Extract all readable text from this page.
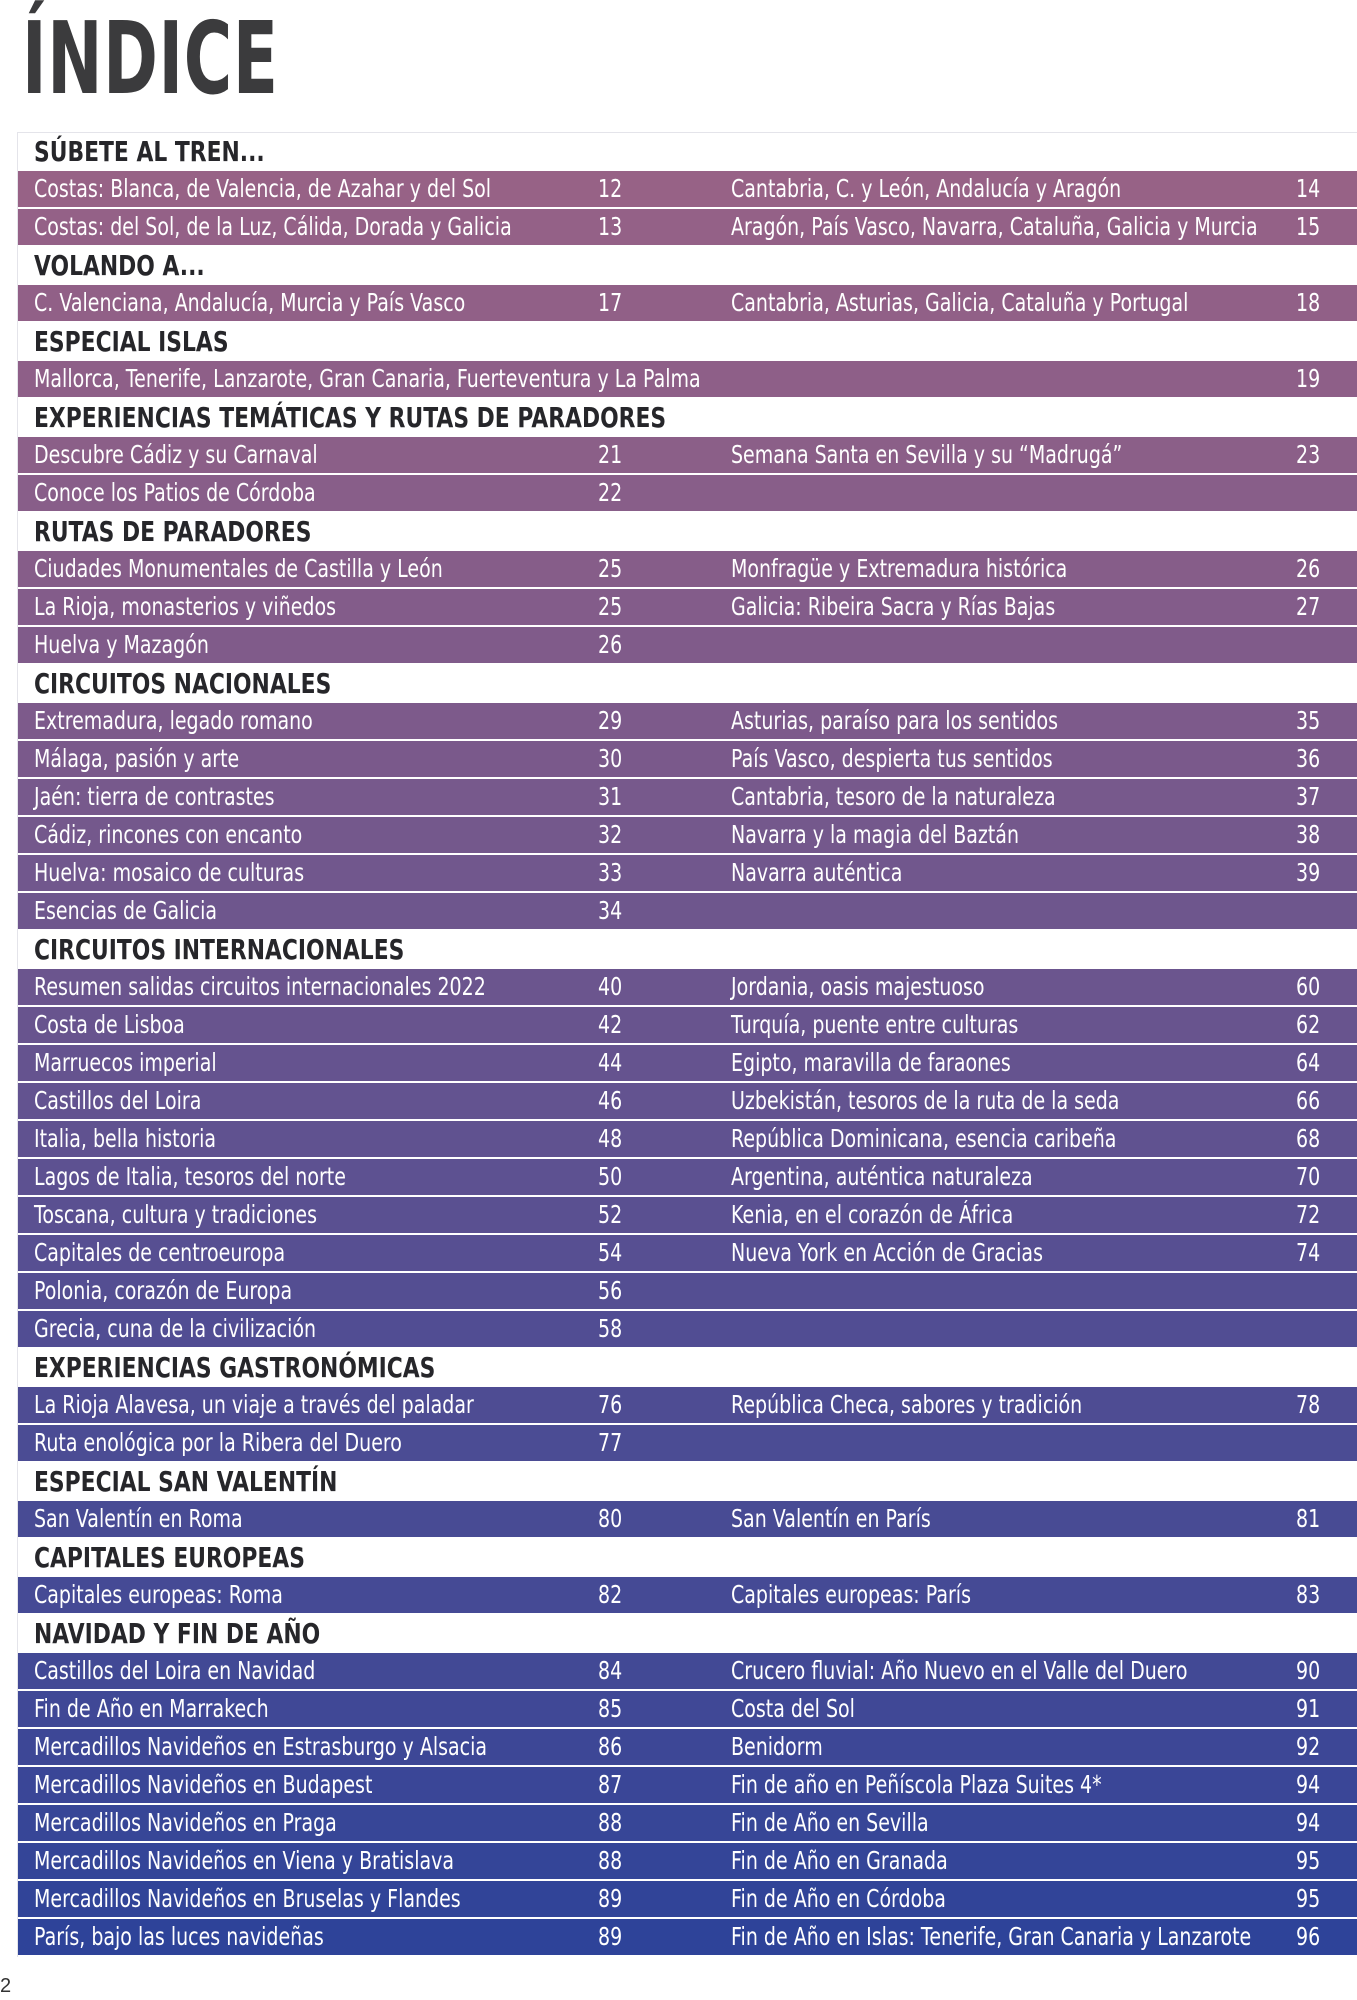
ÍNDICE
SÚBETE AL TREN...
Costas: Blanca, de Valencia, de Azahar y del Sol	12	Cantabria, C. y León, Andalucía y Aragón	14
Costas: del Sol, de la Luz, Cálida, Dorada y Galicia	13	Aragón, País Vasco, Navarra, Cataluña, Galicia y Murcia 15
VOLANDO A...
C. Valenciana, Andalucía, Murcia y País Vasco	17	Cantabria, Asturias, Galicia, Cataluña y Portugal	18
ESPECIAL ISLAS
Mallorca, Tenerife, Lanzarote, Gran Canaria, Fuerteventura y La Palma	19
EXPERIENCIAS TEMÁTICAS Y RUTAS DE PARADORES
Descubre Cádiz y su Carnaval	21	Semana Santa en Sevilla y su “Madrugá”	23
Conoce los Patios de Córdoba	22
RUTAS DE PARADORES
Ciudades Monumentales de Castilla y León	25	Monfragüe y Extremadura histórica	26
La Rioja, monasterios y viñedos	25	Galicia: Ribeira Sacra y Rías Bajas	27
Huelva y Mazagón	26
CIRCUITOS NACIONALES
Extremadura, legado romano	29	Asturias, paraíso para los sentidos	35
Málaga, pasión y arte	30	País Vasco, despierta tus sentidos	36
Jaén: tierra de contrastes	31	Cantabria, tesoro de la naturaleza	37
Cádiz, rincones con encanto	32	Navarra y la magia del Baztán	38
Huelva: mosaico de culturas	33	Navarra auténtica	39
Esencias de Galicia	34
CIRCUITOS INTERNACIONALES
Resumen salidas circuitos internacionales 2022	40	Jordania, oasis majestuoso	60
Costa de Lisboa	42	Turquía, puente entre culturas	62
Marruecos imperial	44	Egipto, maravilla de faraones	64
Castillos del Loira	46	Uzbekistán, tesoros de la ruta de la seda	66
Italia, bella historia	48	República Dominicana, esencia caribeña	68
Lagos de Italia, tesoros del norte	50	Argentina, auténtica naturaleza	70
Toscana, cultura y tradiciones	52	Kenia, en el corazón de África	72
Capitales de centroeuropa	54	Nueva York en Acción de Gracias	74
Polonia, corazón de Europa	56
Grecia, cuna de la civilización	58
EXPERIENCIAS GASTRONÓMICAS
La Rioja Alavesa, un viaje a través del paladar	76	República Checa, sabores y tradición	78
Ruta enológica por la Ribera del Duero	77
ESPECIAL SAN VALENTÍN
San Valentín en Roma	80	San Valentín en París	81
CAPITALES EUROPEAS
Capitales europeas: Roma	82	Capitales europeas: París	83
NAVIDAD Y FIN DE AÑO
Castillos del Loira en Navidad	84	Crucero fluvial: Año Nuevo en el Valle del Duero	90
Fin de Año en Marrakech	85	Costa del Sol	91
Mercadillos Navideños en Estrasburgo y Alsacia	86	Benidorm	92
Mercadillos Navideños en Budapest	87	Fin de año en Peñíscola Plaza Suites 4*	94
Mercadillos Navideños en Praga	88	Fin de Año en Sevilla	94
Mercadillos Navideños en Viena y Bratislava	88	Fin de Año en Granada	95
Mercadillos Navideños en Bruselas y Flandes	89	Fin de Año en Córdoba	95
París, bajo las luces navideñas	89	Fin de Año en Islas: Tenerife, Gran Canaria y Lanzarote 96
2
